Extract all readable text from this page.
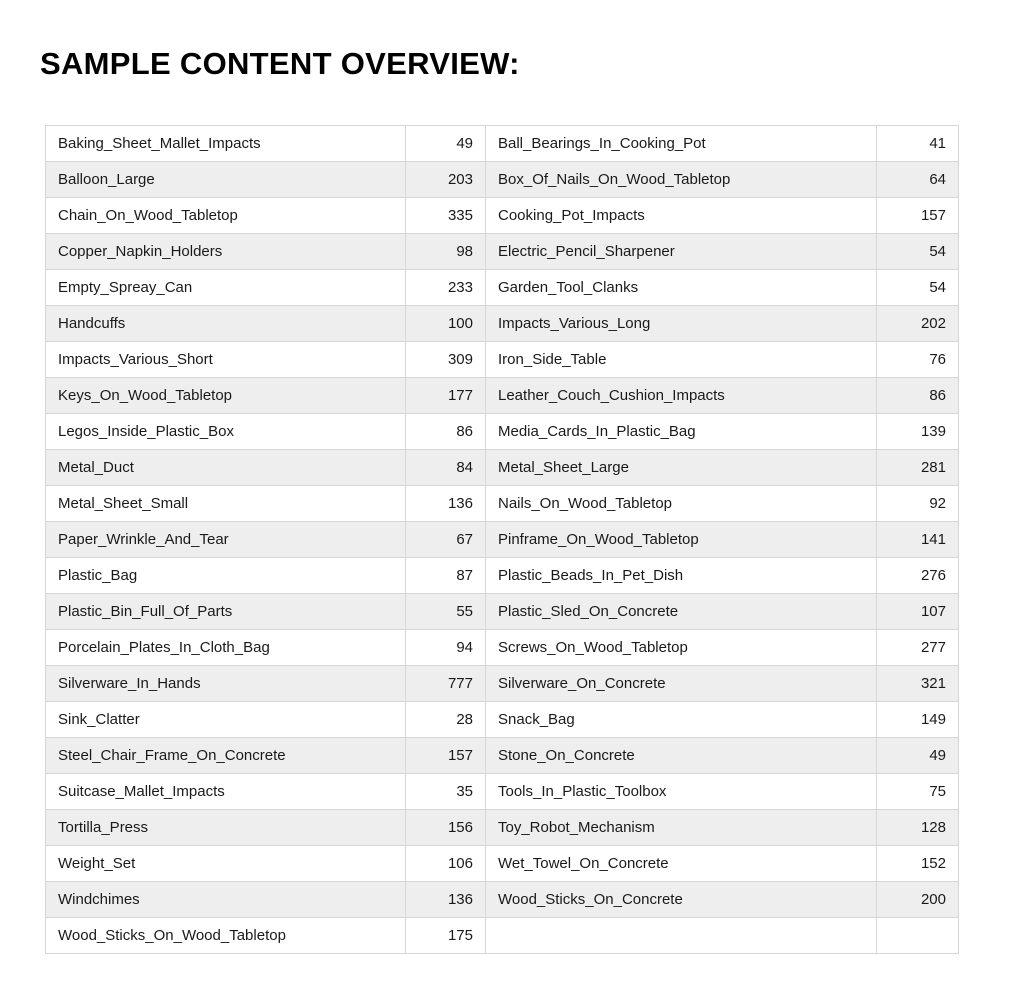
SAMPLE CONTENT OVERVIEW:
Baking_Sheet_Mallet_Impacts	49	Ball_Bearings_In_Cooking_Pot	41
Balloon_Large	203	Box_Of_Nails_On_Wood_Tabletop	64
Chain_On_Wood_Tabletop	335	Cooking_Pot_Impacts	157
Copper_Napkin_Holders	98	Electric_Pencil_Sharpener	54
Empty_Spreay_Can	233	Garden_Tool_Clanks	54
Handcuffs	100	Impacts_Various_Long	202
Impacts_Various_Short	309	Iron_Side_Table	76
Keys_On_Wood_Tabletop	177	Leather_Couch_Cushion_Impacts	86
Legos_Inside_Plastic_Box	86	Media_Cards_In_Plastic_Bag	139
Metal_Duct	84	Metal_Sheet_Large	281
Metal_Sheet_Small	136	Nails_On_Wood_Tabletop	92
Paper_Wrinkle_And_Tear	67	Pinframe_On_Wood_Tabletop	141
Plastic_Bag	87	Plastic_Beads_In_Pet_Dish	276
Plastic_Bin_Full_Of_Parts	55	Plastic_Sled_On_Concrete	107
Porcelain_Plates_In_Cloth_Bag	94	Screws_On_Wood_Tabletop	277
Silverware_In_Hands	777	Silverware_On_Concrete	321
Sink_Clatter	28	Snack_Bag	149
Steel_Chair_Frame_On_Concrete	157	Stone_On_Concrete	49
Suitcase_Mallet_Impacts	35	Tools_In_Plastic_Toolbox	75
Tortilla_Press	156	Toy_Robot_Mechanism	128
Weight_Set	106	Wet_Towel_On_Concrete	152
Windchimes	136	Wood_Sticks_On_Concrete	200
Wood_Sticks_On_Wood_Tabletop	175		
